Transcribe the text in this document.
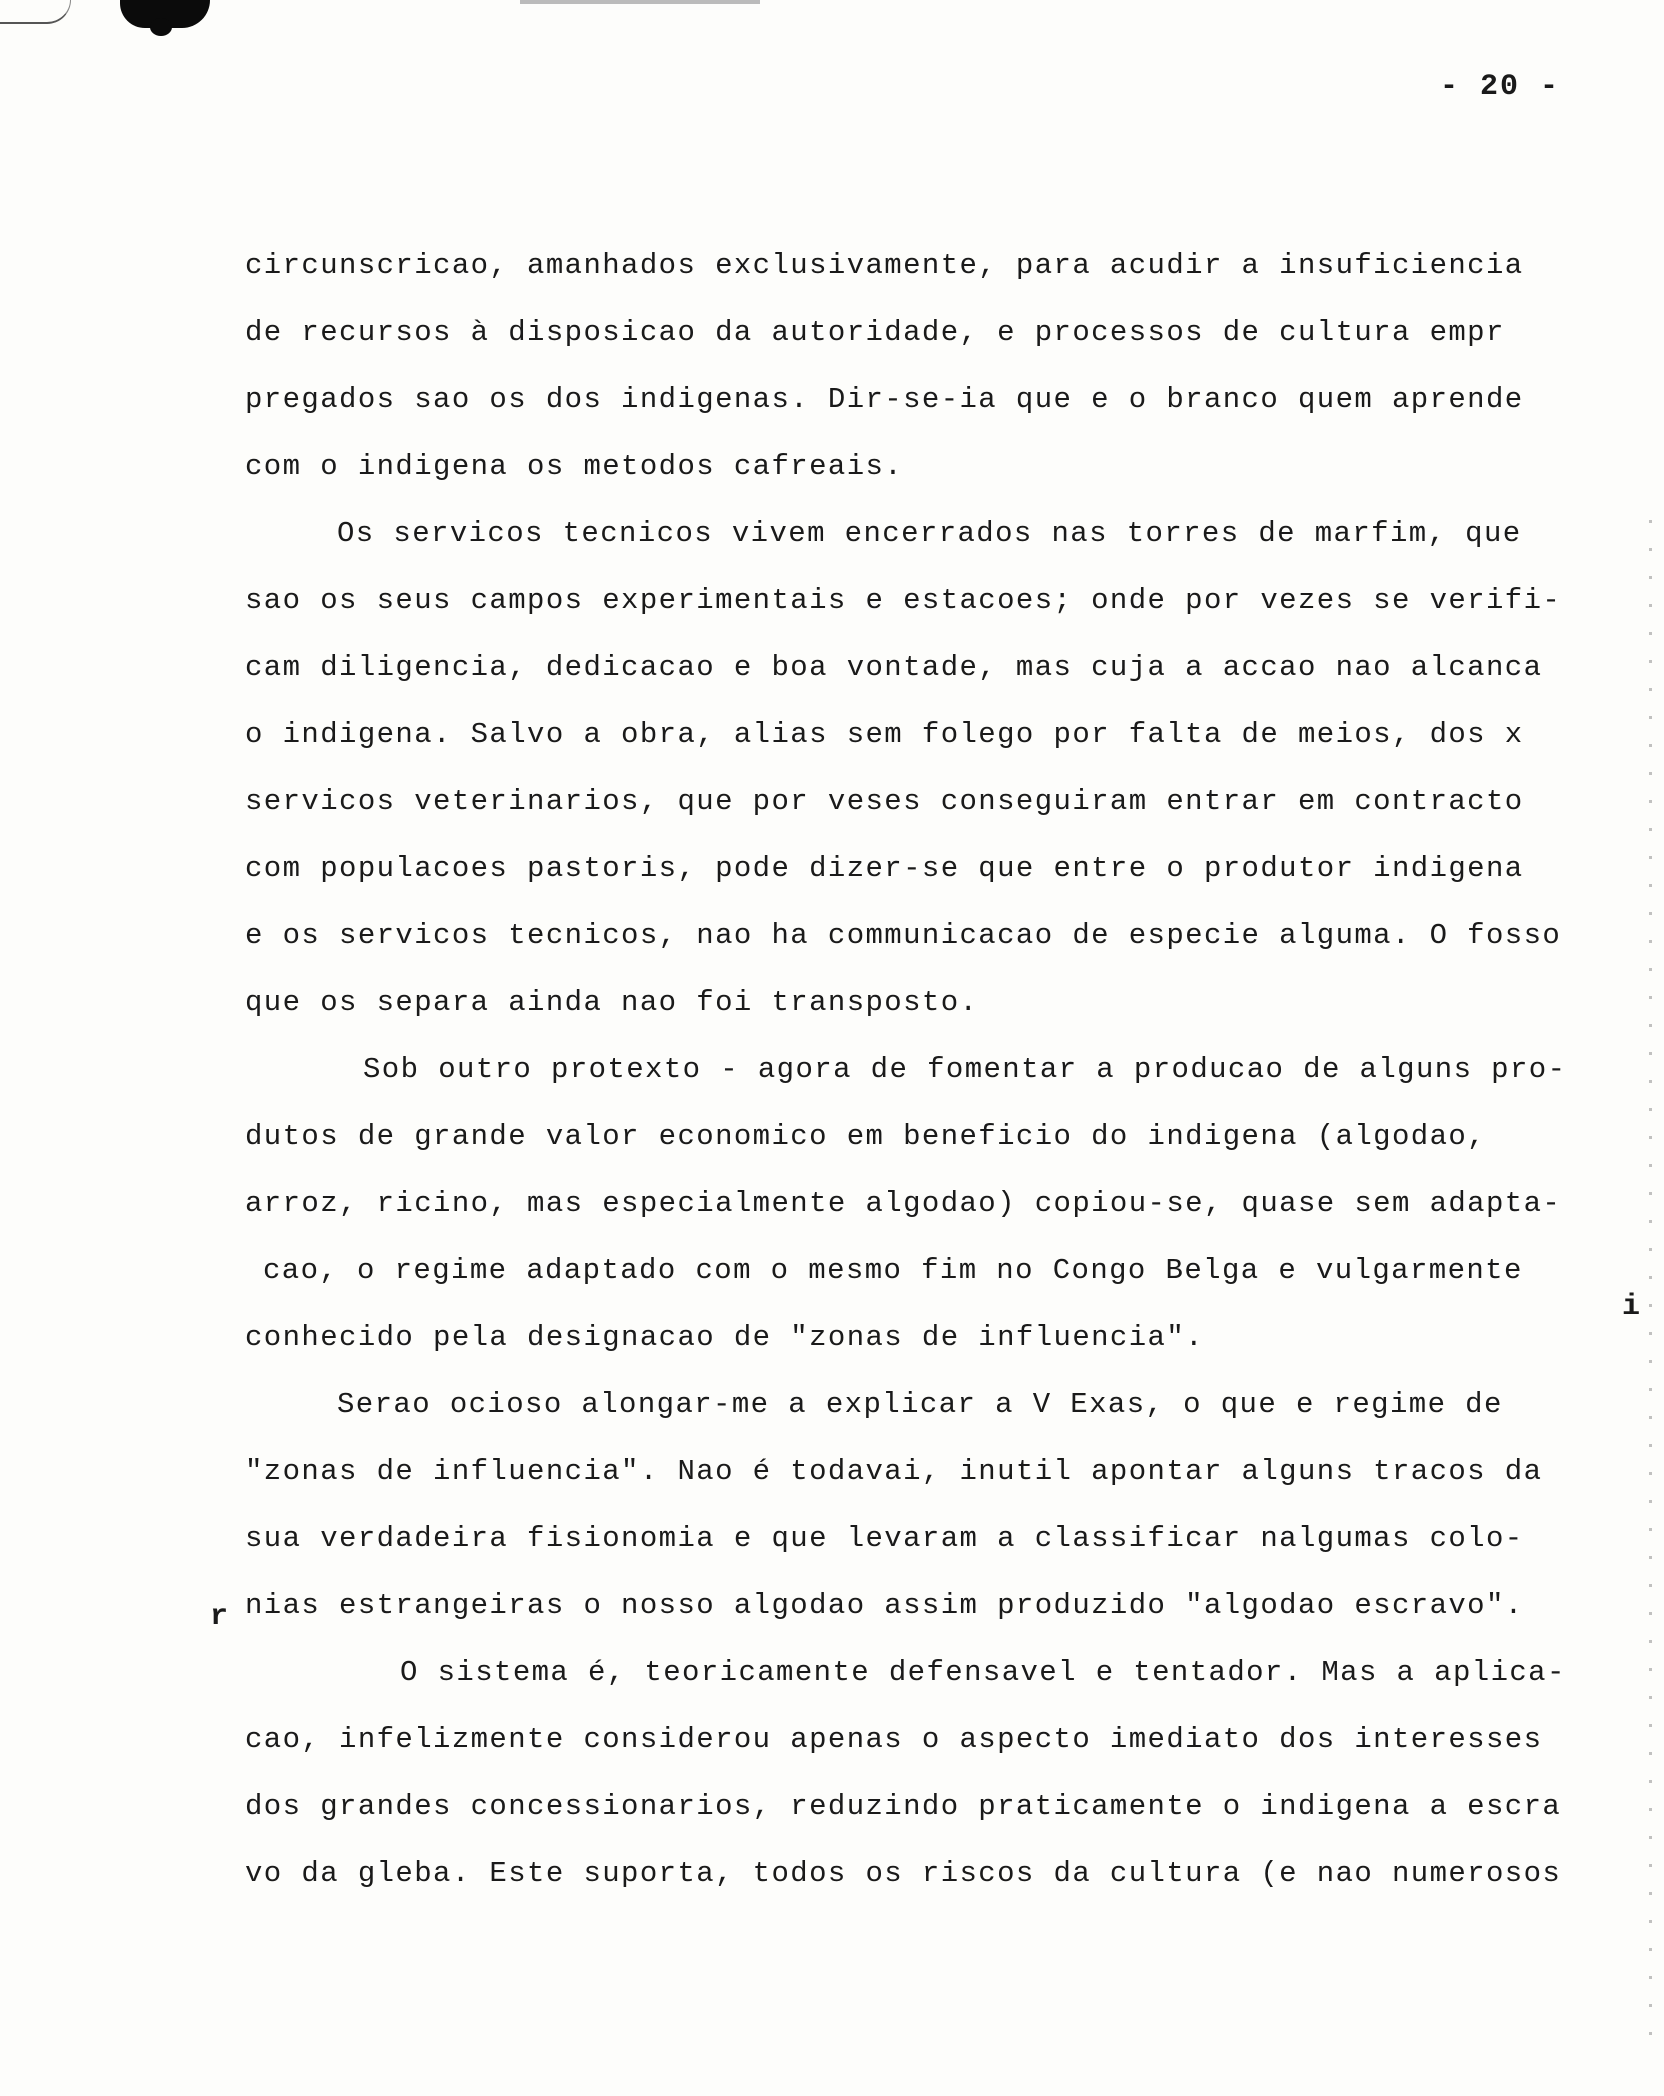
- 20 -
circunscricao, amanhados exclusivamente, para acudir a insuficiencia
de recursos à disposicao da autoridade, e processos de cultura empr
pregados sao os dos indigenas. Dir-se-ia que e o branco quem aprende
com o indigena os metodos cafreais.
Os servicos tecnicos vivem encerrados nas torres de marfim, que
sao os seus campos experimentais e estacoes; onde por vezes se verifi-
cam diligencia, dedicacao e boa vontade, mas cuja a accao nao alcanca
o indigena. Salvo a obra, alias sem folego por falta de meios, dos x
servicos veterinarios, que por veses conseguiram entrar em contracto
com populacoes pastoris, pode dizer-se que entre o produtor indigena
e os servicos tecnicos, nao ha communicacao de especie alguma. O fosso
que os separa ainda nao foi transposto.
Sob outro protexto - agora de fomentar a producao de alguns pro-
dutos de grande valor economico em beneficio do indigena (algodao,
arroz, ricino, mas especialmente algodao) copiou-se, quase sem adapta-
cao, o regime adaptado com o mesmo fim no Congo Belga e vulgarmente
conhecido pela designacao de "zonas de influencia".
Serao ocioso alongar-me a explicar a V Exas, o que e regime de
"zonas de influencia". Nao é todavai, inutil apontar alguns tracos da
sua verdadeira fisionomia e que levaram a classificar nalgumas colo-
nias estrangeiras o nosso algodao assim produzido "algodao escravo".
O sistema é, teoricamente defensavel e tentador. Mas a aplica-
cao, infelizmente considerou apenas o aspecto imediato dos interesses
dos grandes concessionarios, reduzindo praticamente o indigena a escra
vo da gleba. Este suporta, todos os riscos da cultura (e nao numerosos
r
i
